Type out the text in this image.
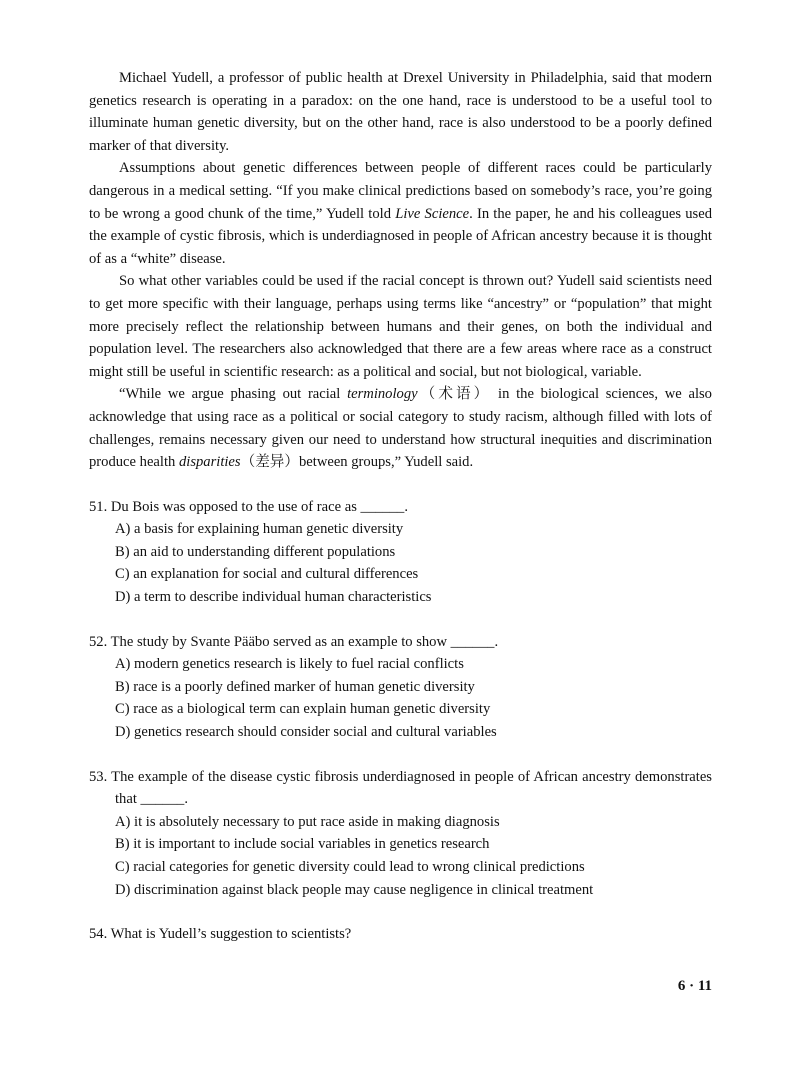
Michael Yudell, a professor of public health at Drexel University in Philadelphia, said that modern genetics research is operating in a paradox: on the one hand, race is understood to be a useful tool to illuminate human genetic diversity, but on the other hand, race is also understood to be a poorly defined marker of that diversity.

Assumptions about genetic differences between people of different races could be particularly dangerous in a medical setting. “If you make clinical predictions based on somebody’s race, you’re going to be wrong a good chunk of the time,” Yudell told Live Science. In the paper, he and his colleagues used the example of cystic fibrosis, which is underdiagnosed in people of African ancestry because it is thought of as a “white” disease.

So what other variables could be used if the racial concept is thrown out? Yudell said scientists need to get more specific with their language, perhaps using terms like “ancestry” or “population” that might more precisely reflect the relationship between humans and their genes, on both the individual and population level. The researchers also acknowledged that there are a few areas where race as a construct might still be useful in scientific research: as a political and social, but not biological, variable.

“While we argue phasing out racial terminology（术语） in the biological sciences, we also acknowledge that using race as a political or social category to study racism, although filled with lots of challenges, remains necessary given our need to understand how structural inequities and discrimination produce health disparities（差异）between groups,” Yudell said.

51. Du Bois was opposed to the use of race as ______.
A) a basis for explaining human genetic diversity
B) an aid to understanding different populations
C) an explanation for social and cultural differences
D) a term to describe individual human characteristics
52. The study by Svante Pääbo served as an example to show ______.
A) modern genetics research is likely to fuel racial conflicts
B) race is a poorly defined marker of human genetic diversity
C) race as a biological term can explain human genetic diversity
D) genetics research should consider social and cultural variables
53. The example of the disease cystic fibrosis underdiagnosed in people of African ancestry demonstrates that ______.
A) it is absolutely necessary to put race aside in making diagnosis
B) it is important to include social variables in genetics research
C) racial categories for genetic diversity could lead to wrong clinical predictions
D) discrimination against black people may cause negligence in clinical treatment
54. What is Yudell’s suggestion to scientists?
6 · 11
